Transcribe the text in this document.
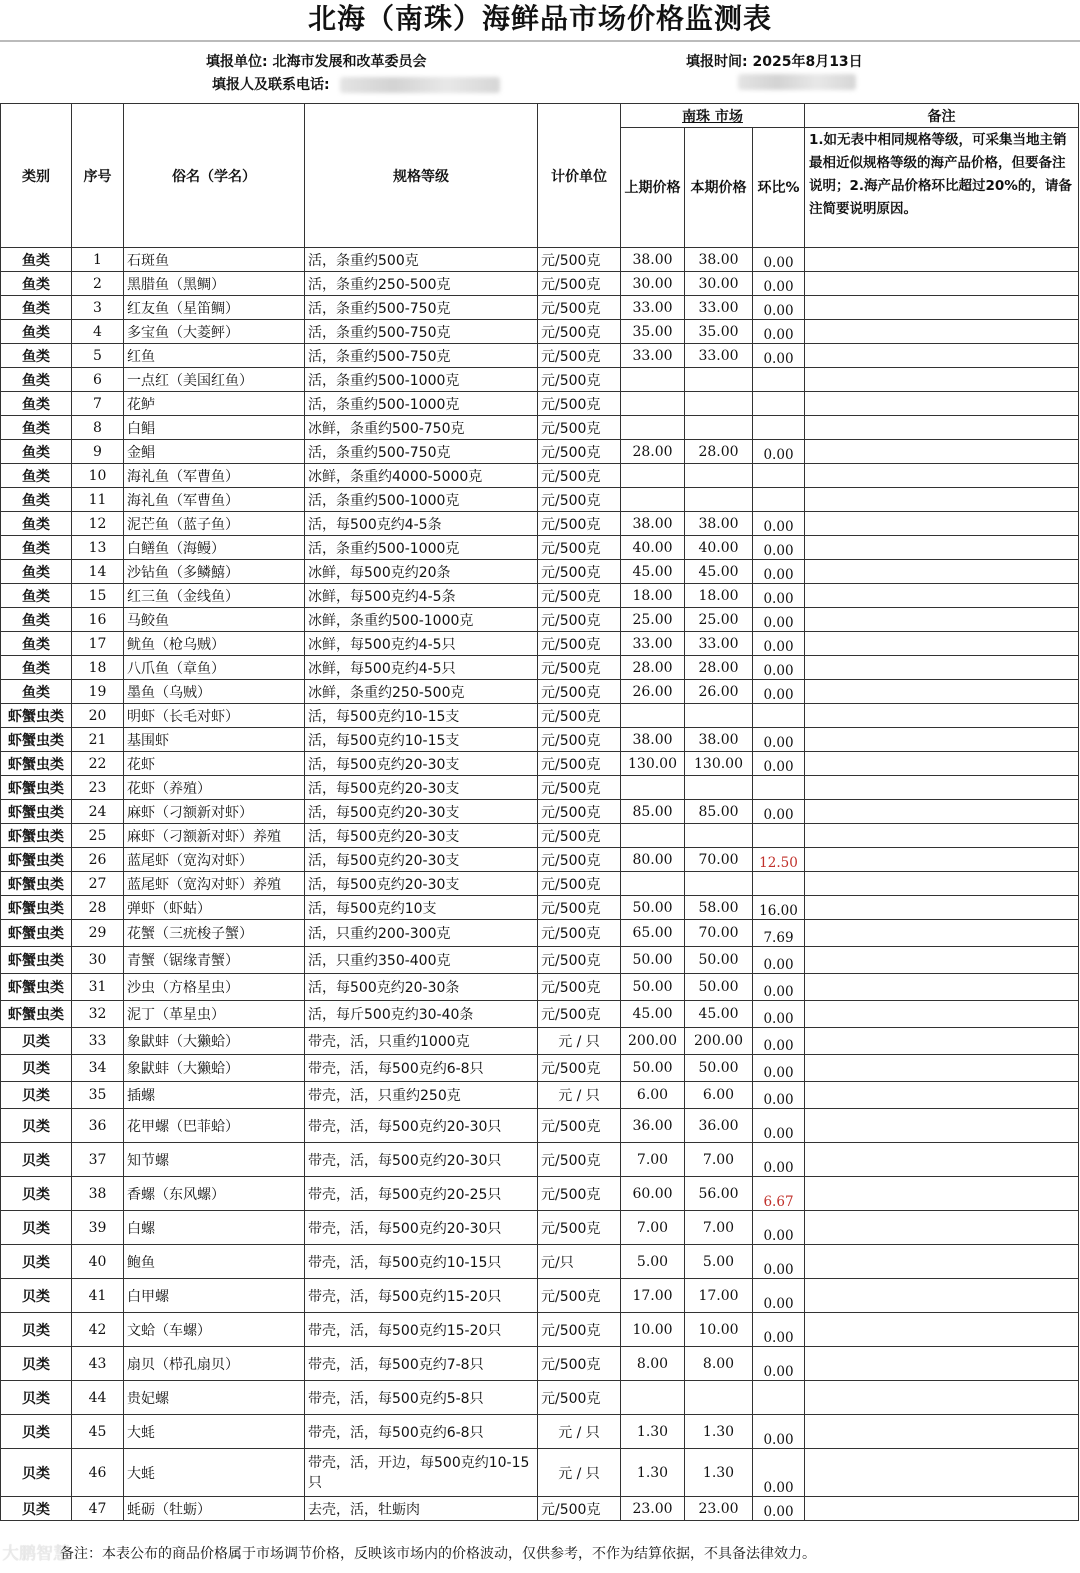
北海（南珠）海鲜品市场价格监测表
填报单位: 北海市发展和改革委员会	填报时间: 2025年8月13日
填报人及联系电话:
类别	序号	俗名（学名）	规格等级	计价单位	南珠 市场			备注
					上期价格	本期价格	环比%	1.如无表中相同规格等级，可采集当地主销最相近似规格等级的海产品价格，但要备注说明；2.海产品价格环比超过20%的，请备注简要说明原因。
鱼类	1	石斑鱼	活，条重约500克	元/500克	38.00	38.00	0.00	
鱼类	2	黑腊鱼（黑鲷）	活，条重约250-500克	元/500克	30.00	30.00	0.00	
鱼类	3	红友鱼（星笛鲷）	活，条重约500-750克	元/500克	33.00	33.00	0.00	
鱼类	4	多宝鱼（大菱鲆）	活，条重约500-750克	元/500克	35.00	35.00	0.00	
鱼类	5	红鱼	活，条重约500-750克	元/500克	33.00	33.00	0.00	
鱼类	6	一点红（美国红鱼）	活，条重约500-1000克	元/500克				
鱼类	7	花鲈	活，条重约500-1000克	元/500克				
鱼类	8	白鲳	冰鲜，条重约500-750克	元/500克				
鱼类	9	金鲳	活，条重约500-750克	元/500克	28.00	28.00	0.00	
鱼类	10	海礼鱼（军曹鱼）	冰鲜，条重约4000-5000克	元/500克				
鱼类	11	海礼鱼（军曹鱼）	活，条重约500-1000克	元/500克				
鱼类	12	泥芒鱼（蓝子鱼）	活，每500克约4-5条	元/500克	38.00	38.00	0.00	
鱼类	13	白鳝鱼（海鳗）	活，条重约500-1000克	元/500克	40.00	40.00	0.00	
鱼类	14	沙钻鱼（多鳞鱚）	冰鲜，每500克约20条	元/500克	45.00	45.00	0.00	
鱼类	15	红三鱼（金线鱼）	冰鲜，每500克约4-5条	元/500克	18.00	18.00	0.00	
鱼类	16	马鲛鱼	冰鲜，条重约500-1000克	元/500克	25.00	25.00	0.00	
鱼类	17	鱿鱼（枪乌贼）	冰鲜，每500克约4-5只	元/500克	33.00	33.00	0.00	
鱼类	18	八爪鱼（章鱼）	冰鲜，每500克约4-5只	元/500克	28.00	28.00	0.00	
鱼类	19	墨鱼（乌贼）	冰鲜，条重约250-500克	元/500克	26.00	26.00	0.00	
虾蟹虫类	20	明虾（长毛对虾）	活，每500克约10-15支	元/500克				
虾蟹虫类	21	基围虾	活，每500克约10-15支	元/500克	38.00	38.00	0.00	
虾蟹虫类	22	花虾	活，每500克约20-30支	元/500克	130.00	130.00	0.00	
虾蟹虫类	23	花虾（养殖）	活，每500克约20-30支	元/500克				
虾蟹虫类	24	麻虾（刁额新对虾）	活，每500克约20-30支	元/500克	85.00	85.00	0.00	
虾蟹虫类	25	麻虾（刁额新对虾）养殖	活，每500克约20-30支	元/500克				
虾蟹虫类	26	蓝尾虾（宽沟对虾）	活，每500克约20-30支	元/500克	80.00	70.00	12.50	
虾蟹虫类	27	蓝尾虾（宽沟对虾）养殖	活，每500克约20-30支	元/500克				
虾蟹虫类	28	弹虾（虾蛄）	活，每500克约10支	元/500克	50.00	58.00	16.00	
虾蟹虫类	29	花蟹（三疣梭子蟹）	活，只重约200-300克	元/500克	65.00	70.00	7.69	
虾蟹虫类	30	青蟹（锯缘青蟹）	活，只重约350-400克	元/500克	50.00	50.00	0.00	
虾蟹虫类	31	沙虫（方格星虫）	活，每500克约20-30条	元/500克	50.00	50.00	0.00	
虾蟹虫类	32	泥丁（革星虫）	活，每斤500克约30-40条	元/500克	45.00	45.00	0.00	
贝类	33	象鼣蚌（大獭蛤）	带壳，活，只重约1000克	元 / 只	200.00	200.00	0.00	
贝类	34	象鼣蚌（大獭蛤）	带壳，活，每500克约6-8只	元/500克	50.00	50.00	0.00	
贝类	35	插螺	带壳，活，只重约250克	元 / 只	6.00	6.00	0.00	
贝类	36	花甲螺（巴菲蛤）	带壳，活，每500克约20-30只	元/500克	36.00	36.00	0.00	
贝类	37	知节螺	带壳，活，每500克约20-30只	元/500克	7.00	7.00	0.00	
贝类	38	香螺（东风螺）	带壳，活，每500克约20-25只	元/500克	60.00	56.00	6.67	
贝类	39	白螺	带壳，活，每500克约20-30只	元/500克	7.00	7.00	0.00	
贝类	40	鲍鱼	带壳，活，每500克约10-15只	元/只	5.00	5.00	0.00	
贝类	41	白甲螺	带壳，活，每500克约15-20只	元/500克	17.00	17.00	0.00	
贝类	42	文蛤（车螺）	带壳，活，每500克约15-20只	元/500克	10.00	10.00	0.00	
贝类	43	扇贝（栉孔扇贝）	带壳，活，每500克约7-8只	元/500克	8.00	8.00	0.00	
贝类	44	贵妃螺	带壳，活，每500克约5-8只	元/500克				
贝类	45	大蚝	带壳，活，每500克约6-8只	元 / 只	1.30	1.30	0.00	
贝类	46	大蚝	带壳，活，开边，每500克约10-15只	元 / 只	1.30	1.30	0.00	
贝类	47	蚝砺（牡蛎）	去壳，活，牡蛎肉	元/500克	23.00	23.00	0.00	
大鹏智慧
备注：本表公布的商品价格属于市场调节价格，反映该市场内的价格波动，仅供参考，不作为结算依据，不具备法律效力。
